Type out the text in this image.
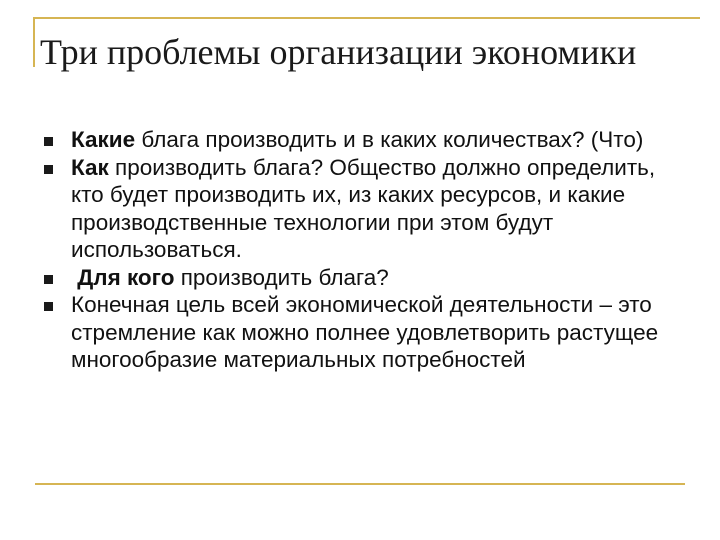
Три проблемы организации экономики
Какие блага производить и в каких количествах? (Что)
Как производить блага? Общество должно определить, кто будет производить их, из каких ресурсов, и какие производственные технологии при этом будут использоваться.
Для кого производить блага?
Конечная цель всей экономической деятельности – это стремление как можно полнее удовлетворить растущее многообразие материальных потребностей
